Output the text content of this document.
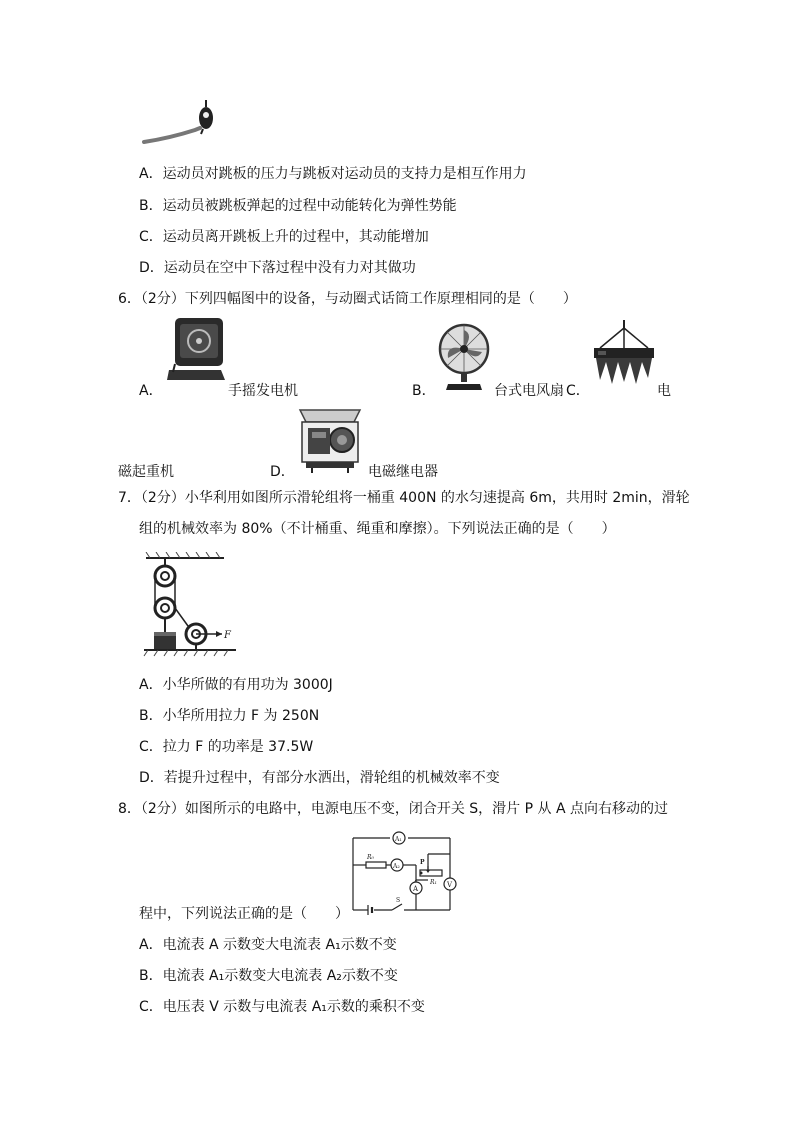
A．运动员对跳板的压力与跳板对运动员的支持力是相互作用力
B．运动员被跳板弹起的过程中动能转化为弹性势能
C．运动员离开跳板上升的过程中，其动能增加
D．运动员在空中下落过程中没有力对其做功
6．（2分）下列四幅图中的设备，与动圈式话筒工作原理相同的是（　　）
A．	手摇发电机	B．	台式电风扇 C．	电
磁起重机	D．	电磁继电器
7．（2分）小华利用如图所示滑轮组将一桶重 400N 的水匀速提高 6m，共用时 2min，滑轮
组的机械效率为 80%（不计桶重、绳重和摩擦）。下列说法正确的是（　　）
F
A．小华所做的有用功为 3000J
B．小华所用拉力 F 为 250N
C．拉力 F 的功率是 37.5W
D．若提升过程中，有部分水洒出，滑轮组的机械效率不变
8．（2分）如图所示的电路中，电源电压不变，闭合开关 S，滑片 P 从 A 点向右移动的过
A₁
R₀
A₂
P
R₁
A	V
S
程中，下列说法正确的是（　　）
A．电流表 A 示数变大电流表 A₁示数不变
B．电流表 A₁示数变大电流表 A₂示数不变
C．电压表 V 示数与电流表 A₁示数的乘积不变
